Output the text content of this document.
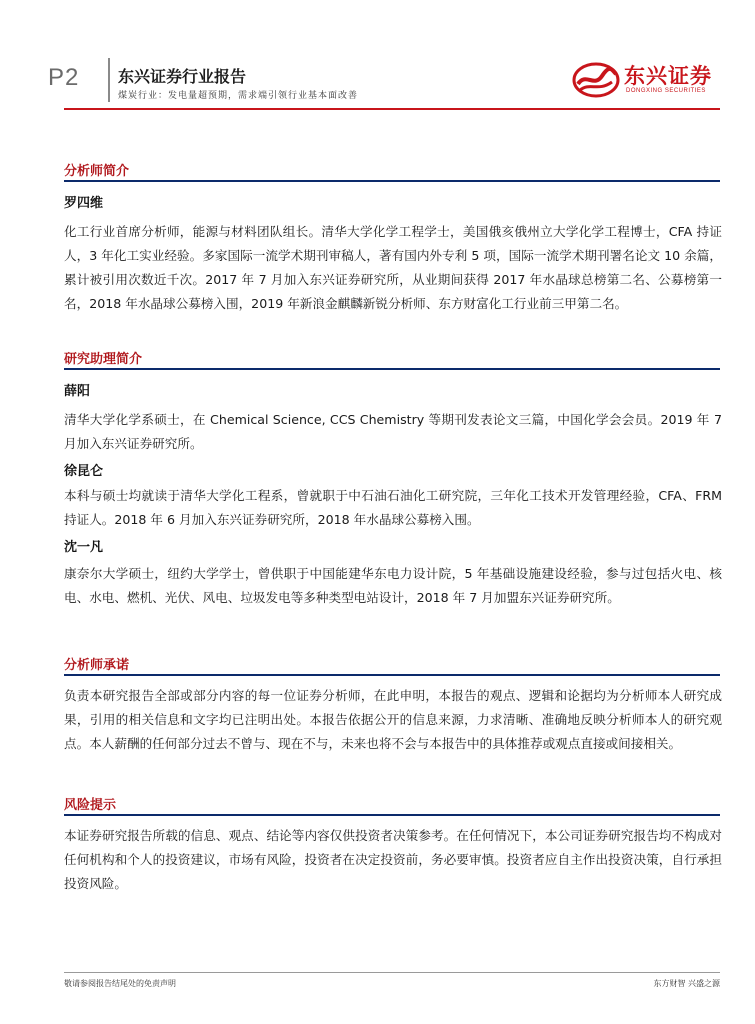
P2 东兴证券行业报告
煤炭行业：发电量超预期，需求端引领行业基本面改善
东兴证券
DONGXING SECURITIES
分析师简介
罗四维
化工行业首席分析师，能源与材料团队组长。清华大学化学工程学士，美国俄亥俄州立大学化学工程博士，CFA 持证人，3 年化工实业经验。多家国际一流学术期刊审稿人，著有国内外专利 5 项，国际一流学术期刊署名论文 10 余篇，累计被引用次数近千次。2017 年 7 月加入东兴证券研究所，从业期间获得 2017 年水晶球总榜第二名、公募榜第一名，2018 年水晶球公募榜入围，2019 年新浪金麒麟新锐分析师、东方财富化工行业前三甲第二名。
研究助理简介
薛阳
清华大学化学系硕士，在 Chemical Science, CCS Chemistry 等期刊发表论文三篇，中国化学会会员。2019 年 7 月加入东兴证券研究所。
徐昆仑
本科与硕士均就读于清华大学化工程系，曾就职于中石油石油化工研究院，三年化工技术开发管理经验，CFA、FRM 持证人。2018 年 6 月加入东兴证券研究所，2018 年水晶球公募榜入围。
沈一凡
康奈尔大学硕士，纽约大学学士，曾供职于中国能建华东电力设计院，5 年基础设施建设经验，参与过包括火电、核电、水电、燃机、光伏、风电、垃圾发电等多种类型电站设计，2018 年 7 月加盟东兴证券研究所。
分析师承诺
负责本研究报告全部或部分内容的每一位证券分析师，在此申明，本报告的观点、逻辑和论据均为分析师本人研究成果，引用的相关信息和文字均已注明出处。本报告依据公开的信息来源，力求清晰、准确地反映分析师本人的研究观点。本人薪酬的任何部分过去不曾与、现在不与，未来也将不会与本报告中的具体推荐或观点直接或间接相关。
风险提示
本证券研究报告所载的信息、观点、结论等内容仅供投资者决策参考。在任何情况下，本公司证券研究报告均不构成对任何机构和个人的投资建议，市场有风险，投资者在决定投资前，务必要审慎。投资者应自主作出投资决策，自行承担投资风险。
敬请参阅报告结尾处的免责声明	东方财智 兴盛之源
